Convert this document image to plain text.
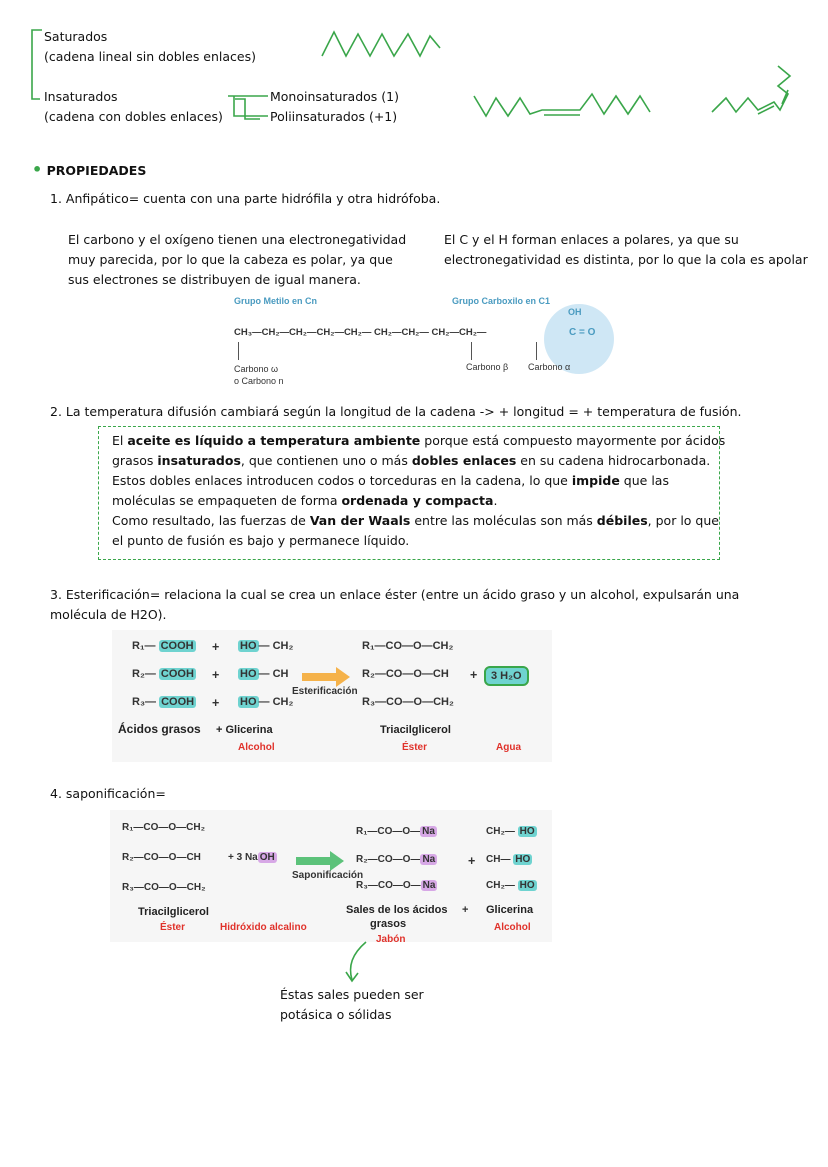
Saturados
(cadena lineal sin dobles enlaces)
Insaturados
(cadena con dobles enlaces)
Monoinsaturados (1)
Poliinsaturados (+1)
• PROPIEDADES
1. Anfipático= cuenta con una parte hidrófila y otra hidrófoba.
El carbono y el oxígeno tienen una electronegatividad
muy parecida, por lo que la cabeza es polar, ya que
sus electrones se distribuyen de igual manera.
El C y el H forman enlaces a polares, ya que su
electronegatividad es distinta, por lo que la cola es apolar
Grupo Metilo en Cn	Grupo Carboxilo en C1
CH₃—CH₂—CH₂—CH₂—CH₂— CH₂—CH₂— CH₂—CH₂—	C = O
OH
Carbono ω
o Carbono n
Carbono β Carbono α
2. La temperatura difusión cambiará según la longitud de la cadena -> + longitud = + temperatura de fusión.
El aceite es líquido a temperatura ambiente porque está compuesto mayormente por ácidos
grasos insaturados, que contienen uno o más dobles enlaces en su cadena hidrocarbonada.
Estos dobles enlaces introducen codos o torceduras en la cadena, lo que impide que las
moléculas se empaqueten de forma ordenada y compacta.
Como resultado, las fuerzas de Van der Waals entre las moléculas son más débiles, por lo que
el punto de fusión es bajo y permanece líquido.
3. Esterificación= relaciona la cual se crea un enlace éster (entre un ácido graso y un alcohol, expulsarán una
molécula de H2O).
R₁— COOH
R₂— COOH
R₃— COOH
+
+
+
HO — CH₂
HO — CH
HO — CH₂
Esterificación
R₁—CO—O—CH₂
R₂—CO—O—CH
R₃—CO—O—CH₂
+	3 H₂O
Ácidos grasos + Glicerina
Alcohol
Triacilglicerol
Éster	Agua
4. saponificación=
R₁—CO—O—CH₂
R₂—CO—O—CH
R₃—CO—O—CH₂
+ 3 Na OH
Saponificación
R₁—CO—O— Na
R₂—CO—O— Na
R₃—CO—O— Na
+
CH₂— HO
CH— HO
CH₂— HO
Triacilglicerol
Éster	Hidróxido alcalino
Sales de los ácidos
grasos
Jabón
+ Glicerina
Alcohol
Éstas sales pueden ser
potásica o sólidas
